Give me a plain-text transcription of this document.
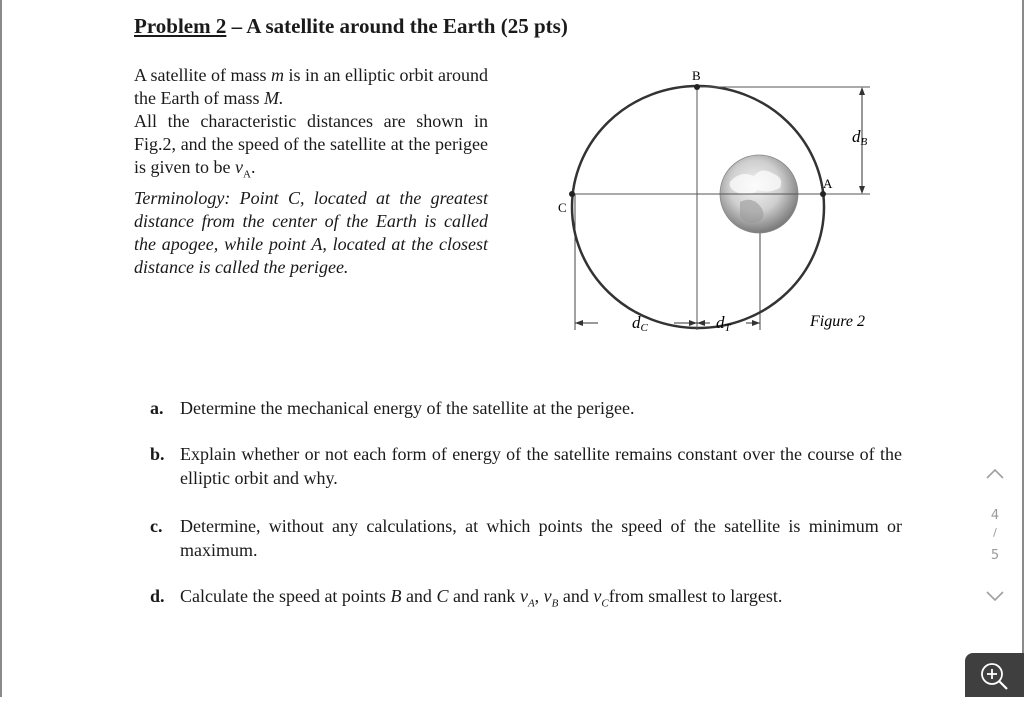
Problem 2 – A satellite around the Earth (25 pts)

A satellite of mass m is in an elliptic orbit around the Earth of mass M.

All the characteristic distances are shown in Fig.2, and the speed of the satellite at the perigee is given to be $v_A$.

Terminology: Point C, located at the greatest distance from the center of the Earth is called the apogee, while point A, located at the closest distance is called the perigee.

B
A
C
dB
dC	dT	Figure 2
a. Determine the mechanical energy of the satellite at the perigee.
b. Explain whether or not each form of energy of the satellite remains constant over the course of the elliptic orbit and why.
c. Determine, without any calculations, at which points the speed of the satellite is minimum or maximum.
d. Calculate the speed at points B and C and rank $v_A$, $v_B$ and $v_Cfrom$ smallest to largest.
4
/
5
